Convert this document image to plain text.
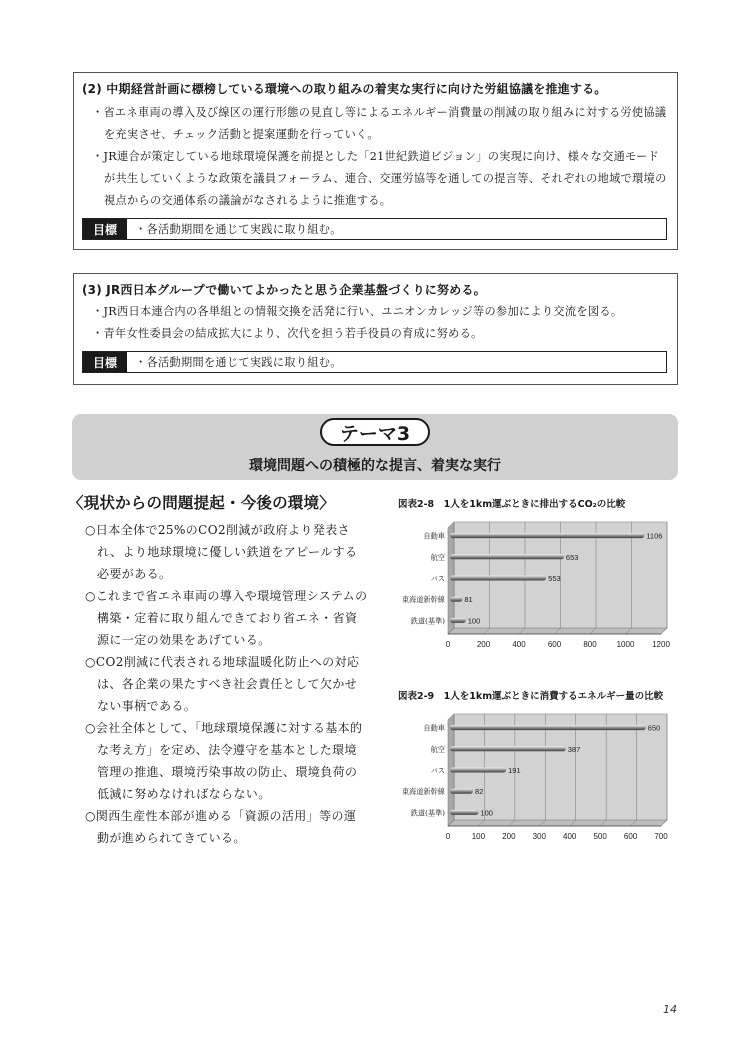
(2) 中期経営計画に標榜している環境への取り組みの着実な実行に向けた労組協議を推進する。
・省エネ車両の導入及び線区の運行形態の見直し等によるエネルギー消費量の削減の取り組みに対する労使協議を充実させ、チェック活動と提案運動を行っていく。
・JR連合が策定している地球環境保護を前提とした「21世紀鉄道ビジョン」の実現に向け、様々な交通モードが共生していくような政策を議員フォーラム、連合、交運労協等を通しての提言等、それぞれの地域で環境の視点からの交通体系の議論がなされるように推進する。
目標	・各活動期間を通じて実践に取り組む。
(3) JR西日本グループで働いてよかったと思う企業基盤づくりに努める。
・JR西日本連合内の各単組との情報交換を活発に行い、ユニオンカレッジ等の参加により交流を図る。
・青年女性委員会の結成拡大により、次代を担う若手役員の育成に努める。
目標	・各活動期間を通じて実践に取り組む。
テーマ3
環境問題への積極的な提言、着実な実行
〈現状からの問題提起・今後の環境〉
○日本全体で25%のCO2削減が政府より発表され、より地球環境に優しい鉄道をアピールする必要がある。
○これまで省エネ車両の導入や環境管理システムの構築・定着に取り組んできており省エネ・省資源に一定の効果をあげている。
○CO2削減に代表される地球温暖化防止への対応は、各企業の果たすべき社会責任として欠かせない事柄である。
○会社全体として、「地球環境保護に対する基本的な考え方」を定め、法令遵守を基本とした環境管理の推進、環境汚染事故の防止、環境負荷の低減に努めなければならない。
○関西生産性本部が進める「資源の活用」等の運動が進められてきている。
図表2-8　1人を1km運ぶときに排出するCO₂の比較
0	200	400	600	800 1000 1200
自動車	1106
航空	653
バス	553
東海道新幹線	81
鉄道(基準)	100
図表2-9　1人を1km運ぶときに消費するエネルギー量の比較
0	100 200 300 400 500 600 700
自動車	650
航空	387
バス	191
東海道新幹線	82
鉄道(基準)	100
14
